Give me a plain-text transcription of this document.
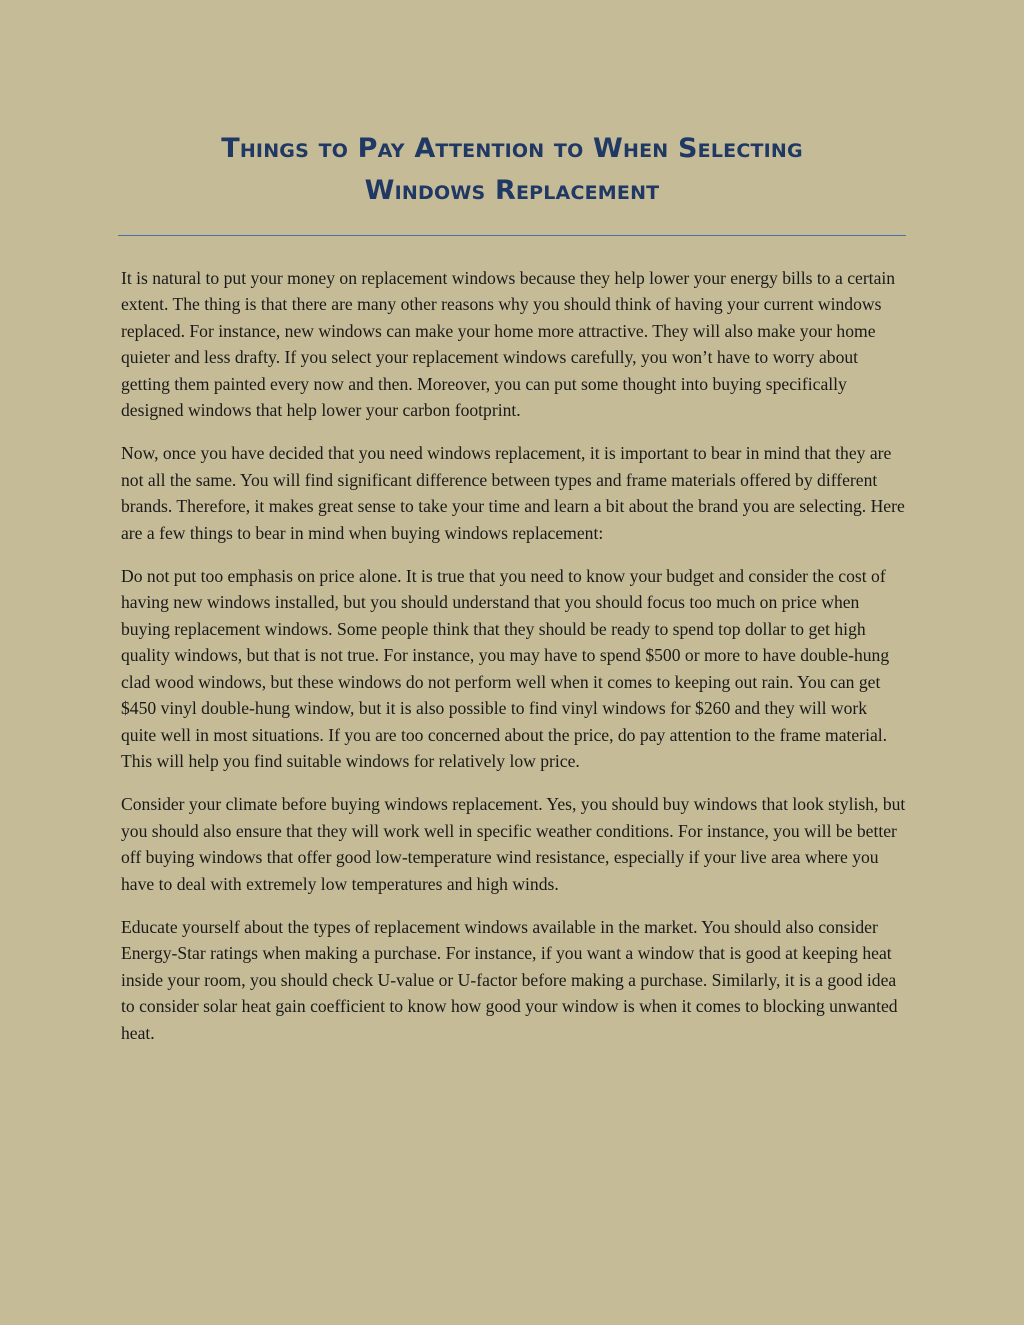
Things to Pay Attention to When Selecting
Windows Replacement

It is natural to put your money on replacement windows because they help lower your energy bills to a certain extent. The thing is that there are many other reasons why you should think of having your current windows replaced. For instance, new windows can make your home more attractive. They will also make your home quieter and less drafty. If you select your replacement windows carefully, you won’t have to worry about getting them painted every now and then. Moreover, you can put some thought into buying specifically designed windows that help lower your carbon footprint.

Now, once you have decided that you need windows replacement, it is important to bear in mind that they are not all the same. You will find significant difference between types and frame materials offered by different brands. Therefore, it makes great sense to take your time and learn a bit about the brand you are selecting. Here are a few things to bear in mind when buying windows replacement:

Do not put too emphasis on price alone. It is true that you need to know your budget and consider the cost of having new windows installed, but you should understand that you should focus too much on price when buying replacement windows. Some people think that they should be ready to spend top dollar to get high quality windows, but that is not true. For instance, you may have to spend $500 or more to have double-hung clad wood windows, but these windows do not perform well when it comes to keeping out rain. You can get $450 vinyl double-hung window, but it is also possible to find vinyl windows for $260 and they will work quite well in most situations. If you are too concerned about the price, do pay attention to the frame material. This will help you find suitable windows for relatively low price.

Consider your climate before buying windows replacement. Yes, you should buy windows that look stylish, but you should also ensure that they will work well in specific weather conditions. For instance, you will be better off buying windows that offer good low-temperature wind resistance, especially if your live area where you have to deal with extremely low temperatures and high winds.

Educate yourself about the types of replacement windows available in the market. You should also consider Energy-Star ratings when making a purchase. For instance, if you want a window that is good at keeping heat inside your room, you should check U-value or U-factor before making a purchase. Similarly, it is a good idea to consider solar heat gain coefficient to know how good your window is when it comes to blocking unwanted heat.
